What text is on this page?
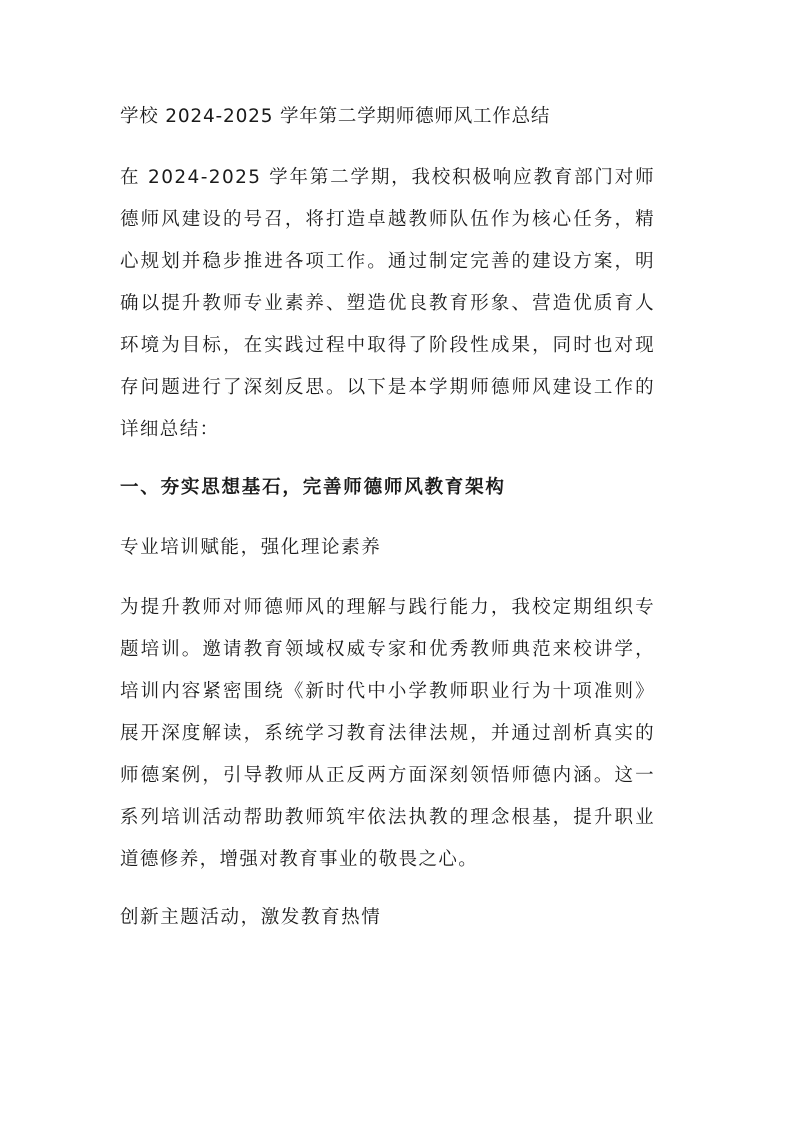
学校 2024-2025 学年第二学期师德师风工作总结

在 2024-2025 学年第二学期，我校积极响应教育部门对师德师风建设的号召，将打造卓越教师队伍作为核心任务，精心规划并稳步推进各项工作。通过制定完善的建设方案，明确以提升教师专业素养、塑造优良教育形象、营造优质育人环境为目标，在实践过程中取得了阶段性成果，同时也对现存问题进行了深刻反思。以下是本学期师德师风建设工作的详细总结：

一、夯实思想基石，完善师德师风教育架构

专业培训赋能，强化理论素养

为提升教师对师德师风的理解与践行能力，我校定期组织专题培训。邀请教育领域权威专家和优秀教师典范来校讲学，培训内容紧密围绕《新时代中小学教师职业行为十项准则》展开深度解读，系统学习教育法律法规，并通过剖析真实的师德案例，引导教师从正反两方面深刻领悟师德内涵。这一系列培训活动帮助教师筑牢依法执教的理念根基，提升职业道德修养，增强对教育事业的敬畏之心。

创新主题活动，激发教育热情
